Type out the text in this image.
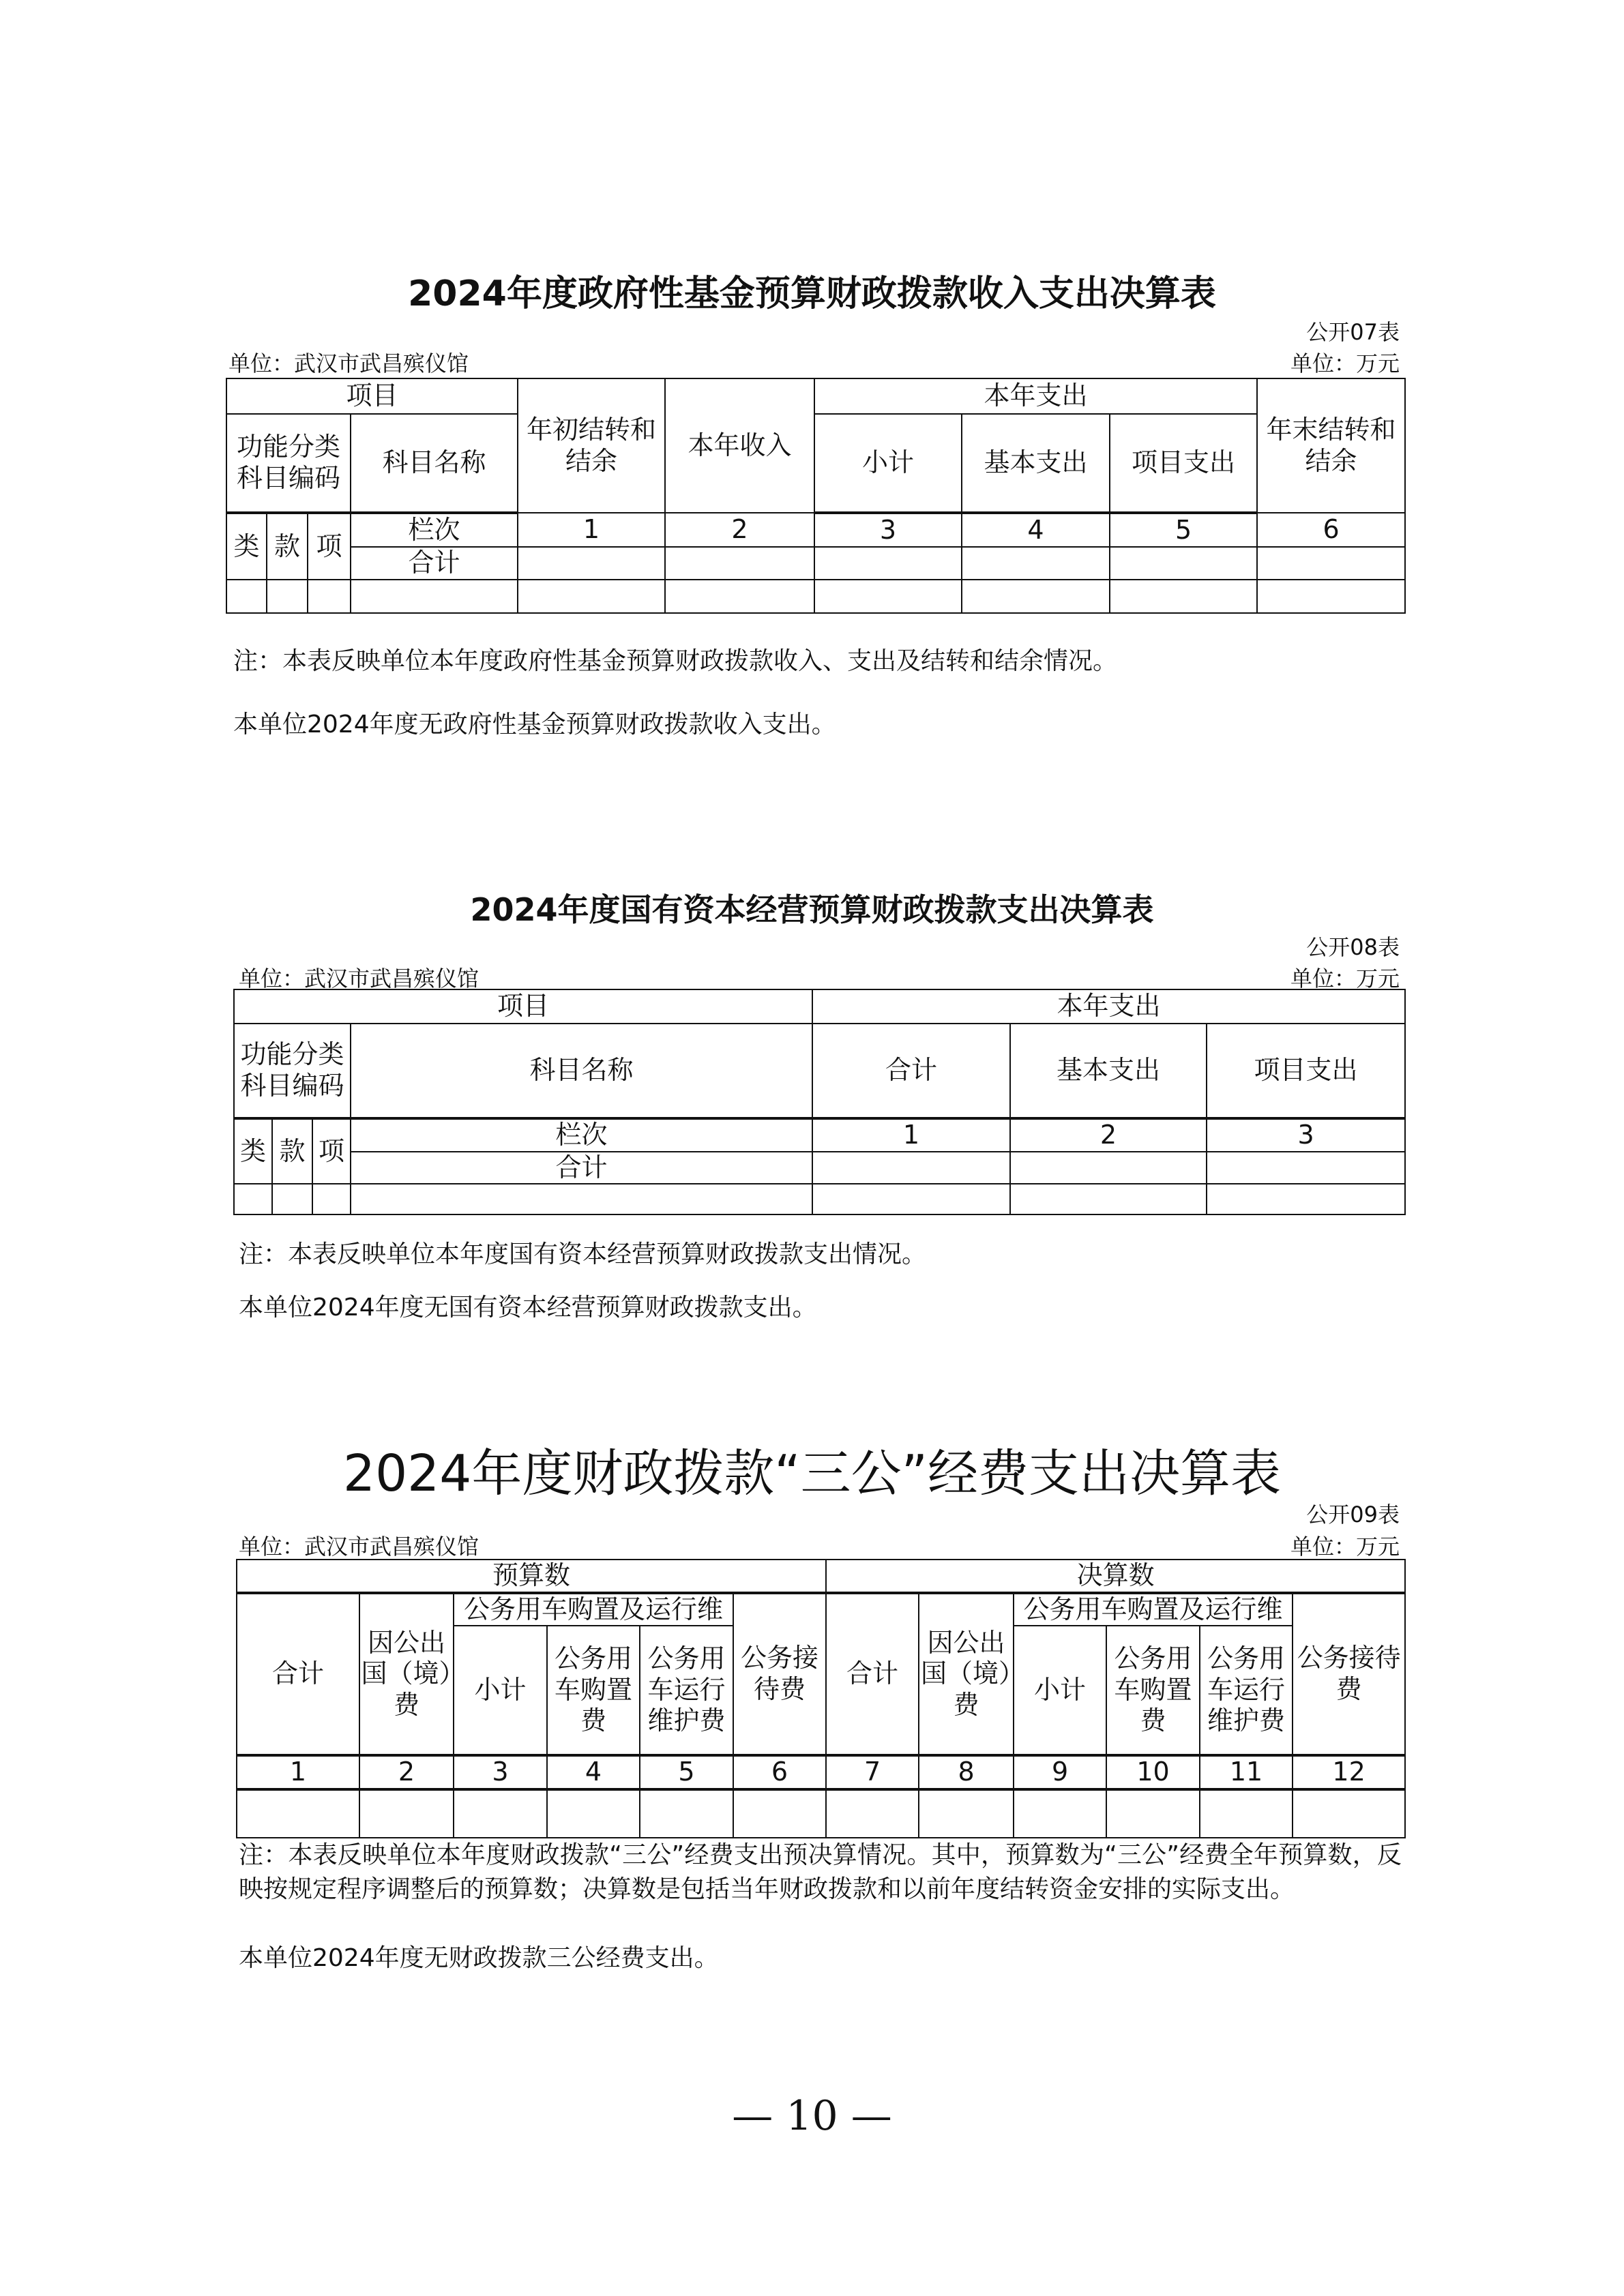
2024年度政府性基金预算财政拨款收入支出决算表
公开07表
单位：武汉市武昌殡仪馆	单位：万元
项目				年初结转和结余	本年收入	本年支出			年末结转和结余
功能分类科目编码			科目名称			小计	基本支出	项目支出	
类	款	项	栏次	1	2	3	4	5	6
			合计						

注：本表反映单位本年度政府性基金预算财政拨款收入、支出及结转和结余情况。
本单位2024年度无政府性基金预算财政拨款收入支出。
2024年度国有资本经营预算财政拨款支出决算表
公开08表
单位：武汉市武昌殡仪馆	单位：万元
项目				本年支出		
功能分类科目编码			科目名称	合计	基本支出	项目支出
类	款	项	栏次	1	2	3
			合计			

注：本表反映单位本年度国有资本经营预算财政拨款支出情况。
本单位2024年度无国有资本经营预算财政拨款支出。
2024年度财政拨款“三公”经费支出决算表
公开09表
单位：武汉市武昌殡仪馆	单位：万元
预算数						决算数					
合计	因公出国（境）费	公务用车购置及运行维			公务接待费	合计	因公出国（境）费	公务用车购置及运行维			公务接待费
		小计	公务用车购置费	公务用车运行维护费				小计	公务用车购置费	公务用车运行维护费	
1	2	3	4	5	6	7	8	9	10	11	12

注：本表反映单位本年度财政拨款“三公”经费支出预决算情况。其中，预算数为“三公”经费全年预算数，反映按规定程序调整后的预算数；决算数是包括当年财政拨款和以前年度结转资金安排的实际支出。
本单位2024年度无财政拨款三公经费支出。
— 10 —
